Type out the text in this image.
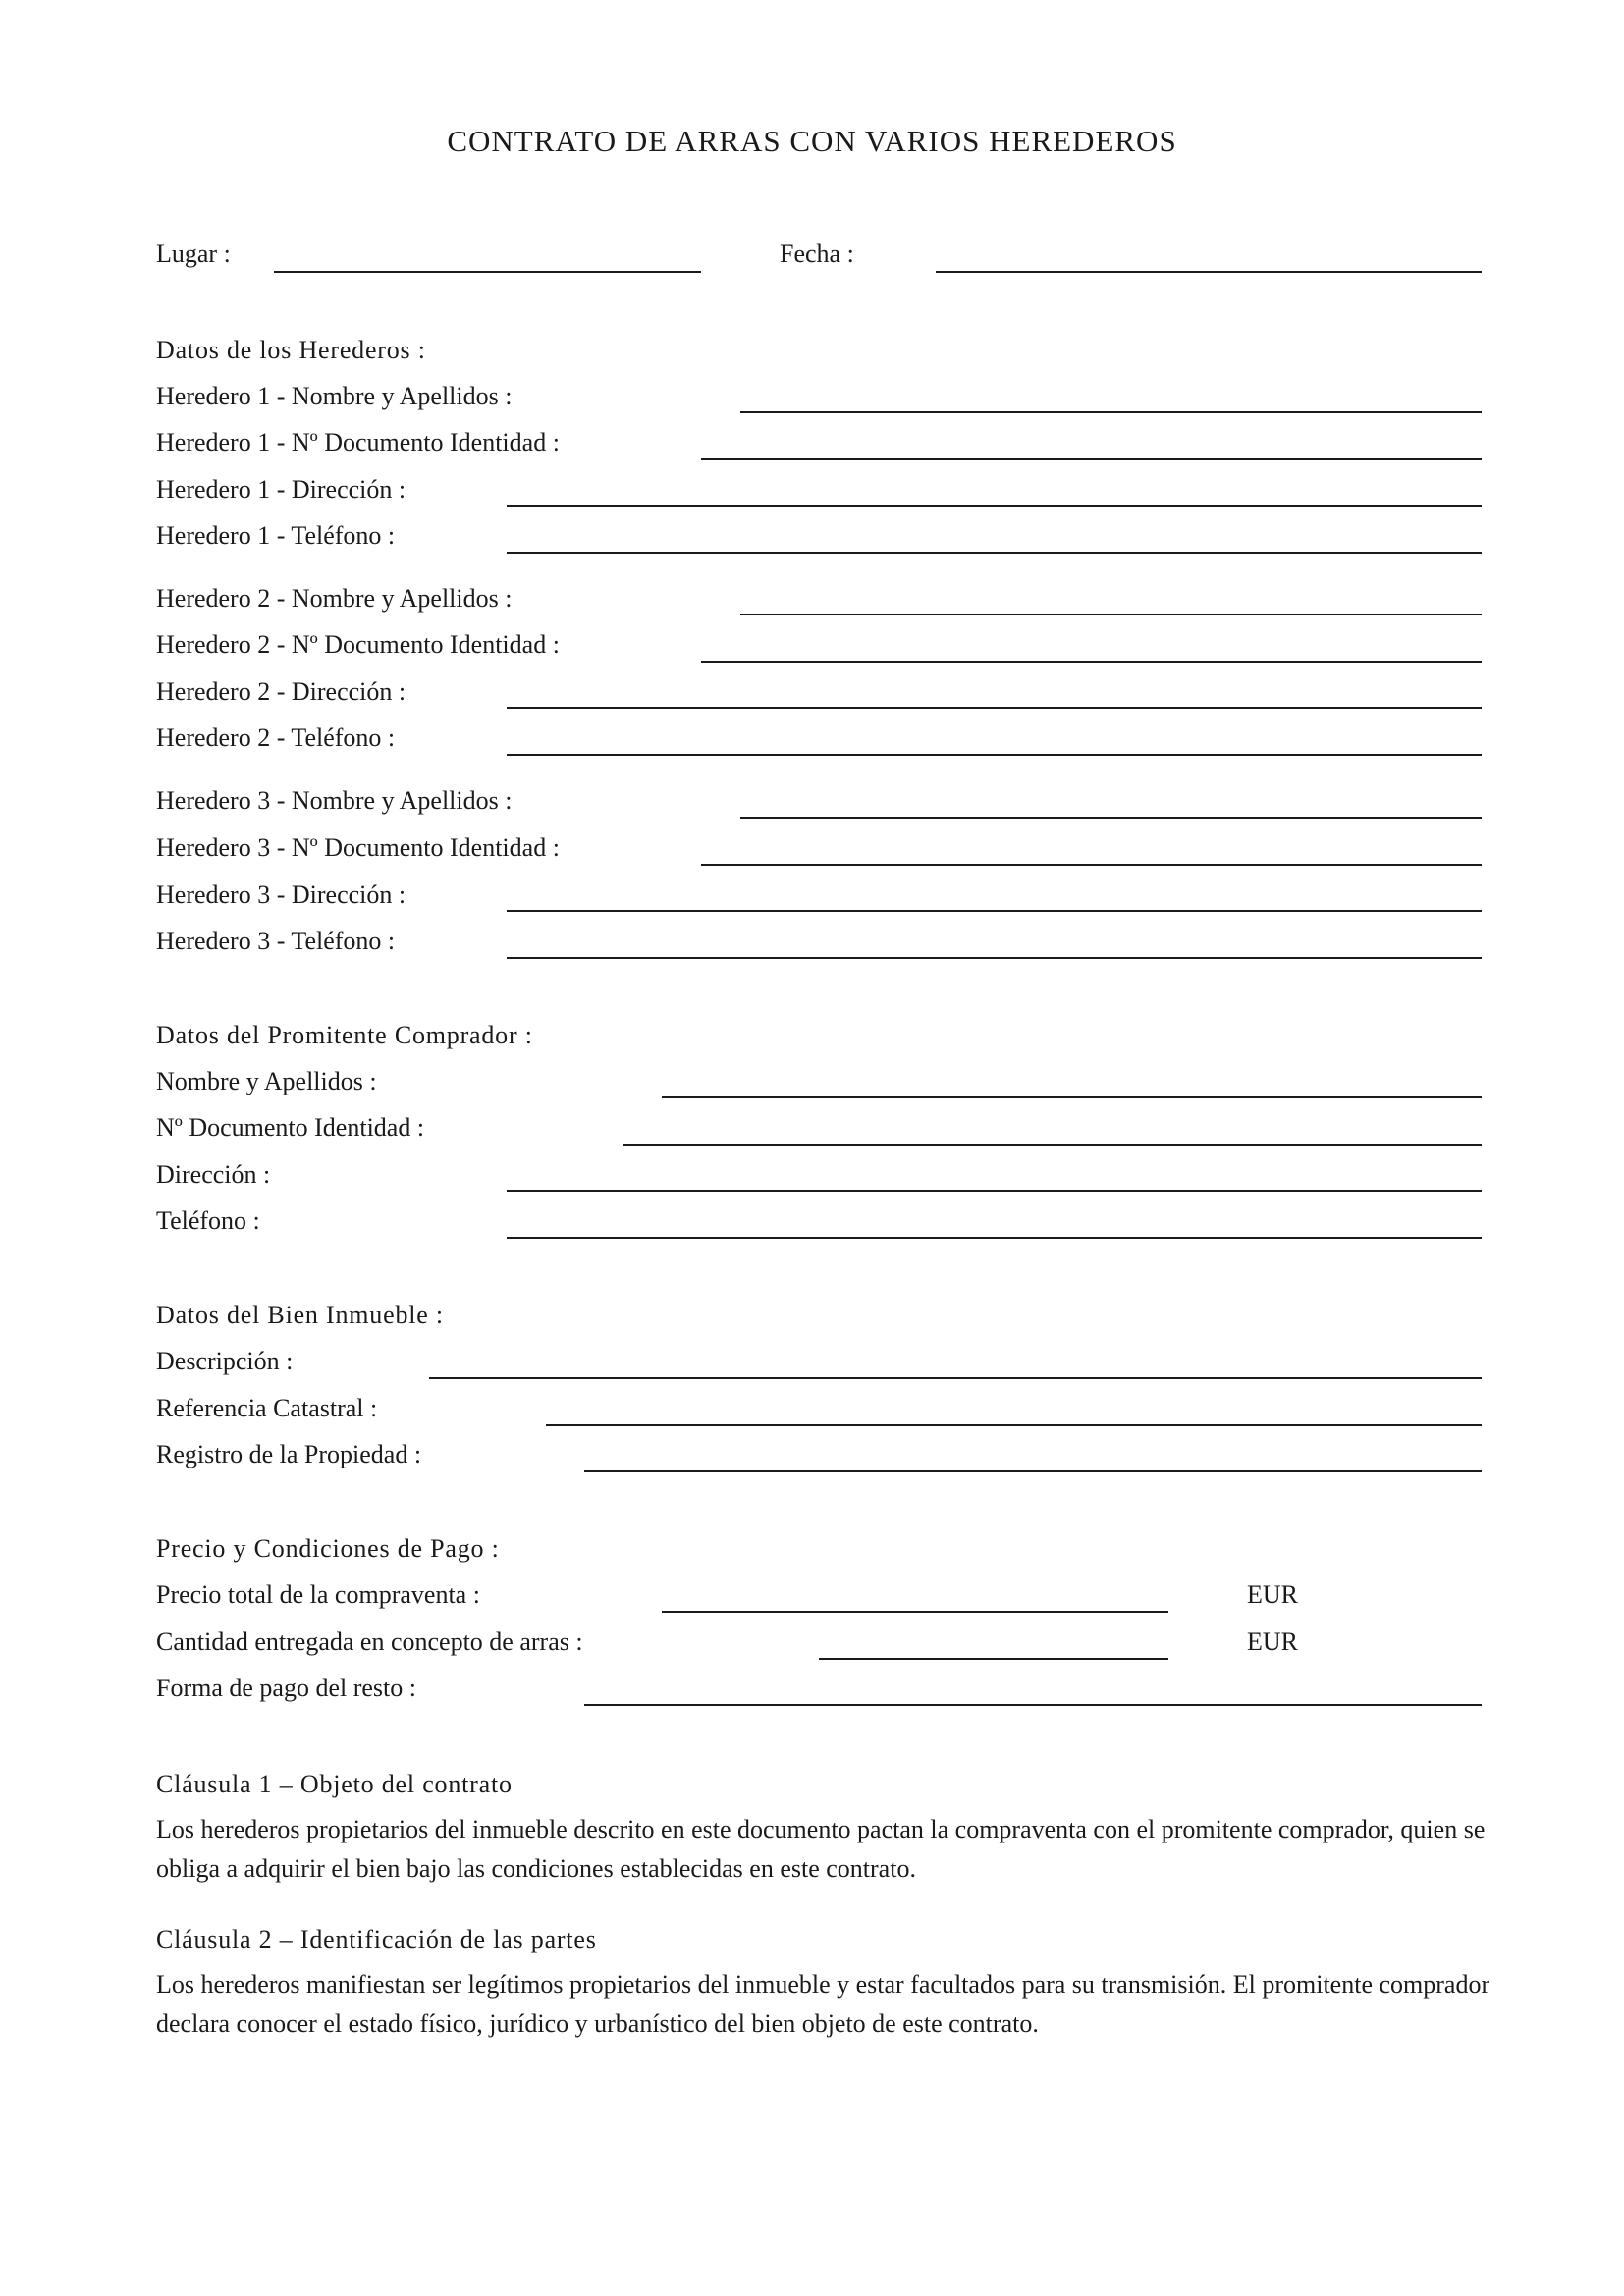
CONTRATO DE ARRAS CON VARIOS HEREDEROS
Lugar :	Fecha :
Datos de los Herederos :
Heredero 1 - Nombre y Apellidos :
Heredero 1 - Nº Documento Identidad :
Heredero 1 - Dirección :
Heredero 1 - Teléfono :
Heredero 2 - Nombre y Apellidos :
Heredero 2 - Nº Documento Identidad :
Heredero 2 - Dirección :
Heredero 2 - Teléfono :
Heredero 3 - Nombre y Apellidos :
Heredero 3 - Nº Documento Identidad :
Heredero 3 - Dirección :
Heredero 3 - Teléfono :
Datos del Promitente Comprador :
Nombre y Apellidos :
Nº Documento Identidad :
Dirección :
Teléfono :
Datos del Bien Inmueble :
Descripción :
Referencia Catastral :
Registro de la Propiedad :
Precio y Condiciones de Pago :
Precio total de la compraventa :	EUR
Cantidad entregada en concepto de arras :	EUR
Forma de pago del resto :
Cláusula 1 – Objeto del contrato
Los herederos propietarios del inmueble descrito en este documento pactan la compraventa con el promitente comprador, quien se obliga a adquirir el bien bajo las condiciones establecidas en este contrato.
Cláusula 2 – Identificación de las partes
Los herederos manifiestan ser legítimos propietarios del inmueble y estar facultados para su transmisión. El promitente comprador declara conocer el estado físico, jurídico y urbanístico del bien objeto de este contrato.
